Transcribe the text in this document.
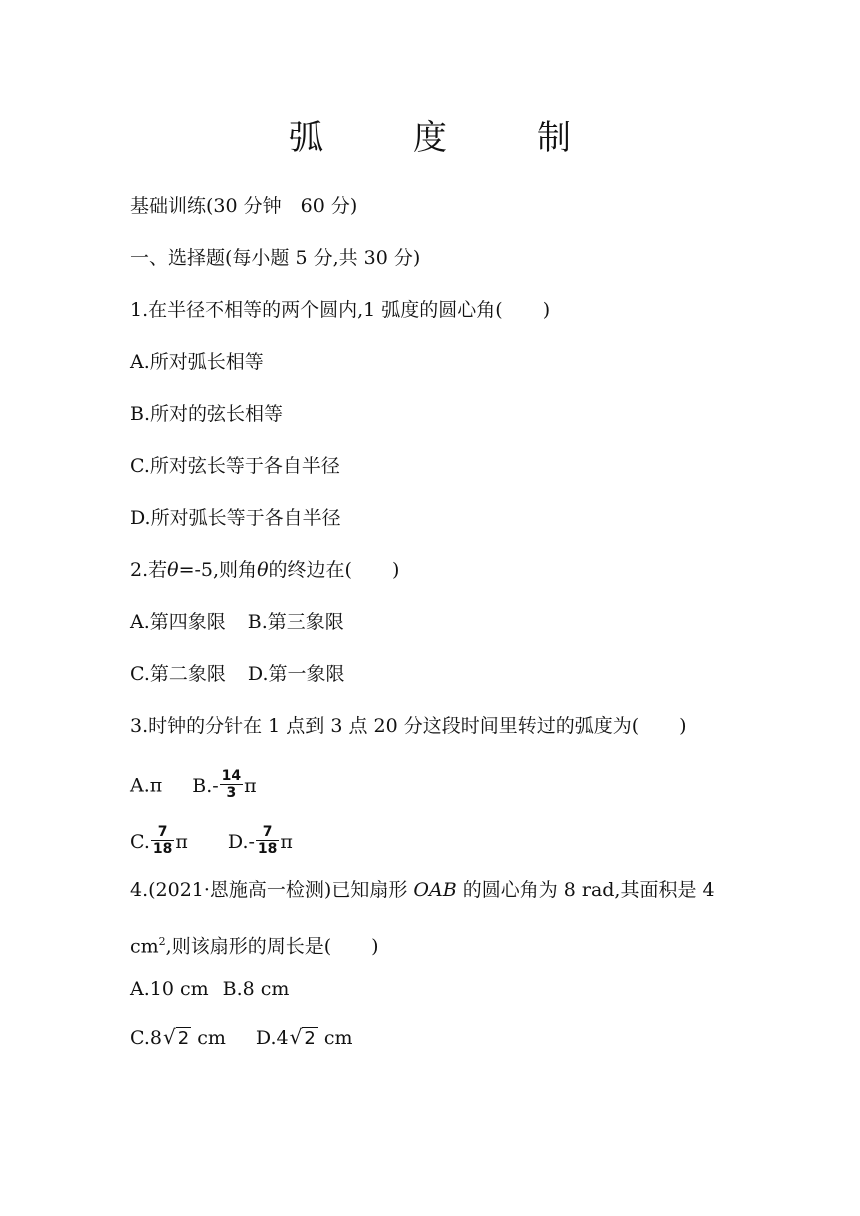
弧　度　制
基础训练(30 分钟　60 分)
一、选择题(每小题 5 分,共 30 分)
1.在半径不相等的两个圆内,1 弧度的圆心角( )
A.所对弧长相等
B.所对的弦长相等
C.所对弦长等于各自半径
D.所对弧长等于各自半径
2.若θ=-5,则角θ的终边在( )
A.第四象限 B.第三象限
C.第二象限 D.第一象限
3.时钟的分针在 1 点到 3 点 20 分这段时间里转过的弧度为( )
A.π $B.- \frac{14}{3}$ π
C. $\frac{7}{18}$ π $D.- \frac{7}{18}$ π
4.(2021·恩施高一检测)已知扇形 OAB 的圆心角为 8 rad,其面积是 4
$cm^2$,则该扇形的周长是( )
A.10 cm B.8 cm
C.8√ 2 cm D.4√ 2 cm
